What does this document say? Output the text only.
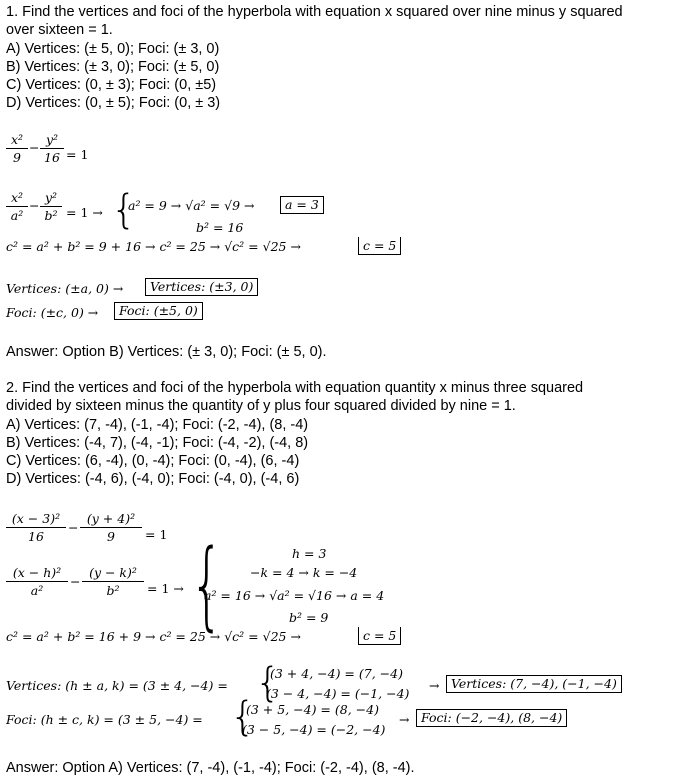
1. Find the vertices and foci of the hyperbola with equation x squared over nine minus y squared
over sixteen = 1.
A) Vertices: (± 5, 0); Foci: (± 3, 0)
B) Vertices: (± 3, 0); Foci: (± 5, 0)
C) Vertices: (0, ± 3); Foci: (0, ±5)
D) Vertices: (0, ± 5); Foci: (0, ± 3)
$\frac{\text{x²}}{9} - \frac{\text{y²}}{16} = 1$
$\frac{\text{x²}}{\text{a²}} - \frac{\text{y²}}{\text{b²}} = 1$ → {
a² = 9 → √a² = √9 →	a = 3
b² = 16
c² = a² + b² = 9 + 16 → c² = 25 → √c² = √25 →	c = 5
Vertices: (±a, 0) →	Vertices: (±3, 0)
Foci: (±c, 0) →	Foci: (±5, 0)
Answer: Option B) Vertices: (± 3, 0); Foci: (± 5, 0).
2. Find the vertices and foci of the hyperbola with equation quantity x minus three squared
divided by sixteen minus the quantity of y plus four squared divided by nine = 1.
A) Vertices: (7, -4), (-1, -4); Foci: (-2, -4), (8, -4)
B) Vertices: (-4, 7), (-4, -1); Foci: (-4, -2), (-4, 8)
C) Vertices: (6, -4), (0, -4); Foci: (0, -4), (6, -4)
D) Vertices: (-4, 6), (-4, 0); Foci: (-4, 0), (-4, 6)
$\frac{\text{(x − 3)²}}{16} - \frac{\text{(y + 4)²}}{9} = 1$
$\frac{\text{(x − h)²}}{\text{a²}} - \frac{\text{(y − k)²}}{\text{b²}} = 1$ → {	h = 3
−k = 4 → k = −4
a² = 16 → √a² = √16 → a = 4
b² = 9
c² = a² + b² = 16 + 9 → c² = 25 → √c² = √25 →	c = 5
Vertices: (h ± a, k) = (3 ± 4, −4) = {
(3 + 4, −4) = (7, −4)
(3 − 4, −4) = (−1, −4)
→ Vertices: (7, −4), (−1, −4)
Foci: (h ± c, k) = (3 ± 5, −4) = {
(3 + 5, −4) = (8, −4)
(3 − 5, −4) = (−2, −4)
→ Foci: (−2, −4), (8, −4)
Answer: Option A) Vertices: (7, -4), (-1, -4); Foci: (-2, -4), (8, -4).
